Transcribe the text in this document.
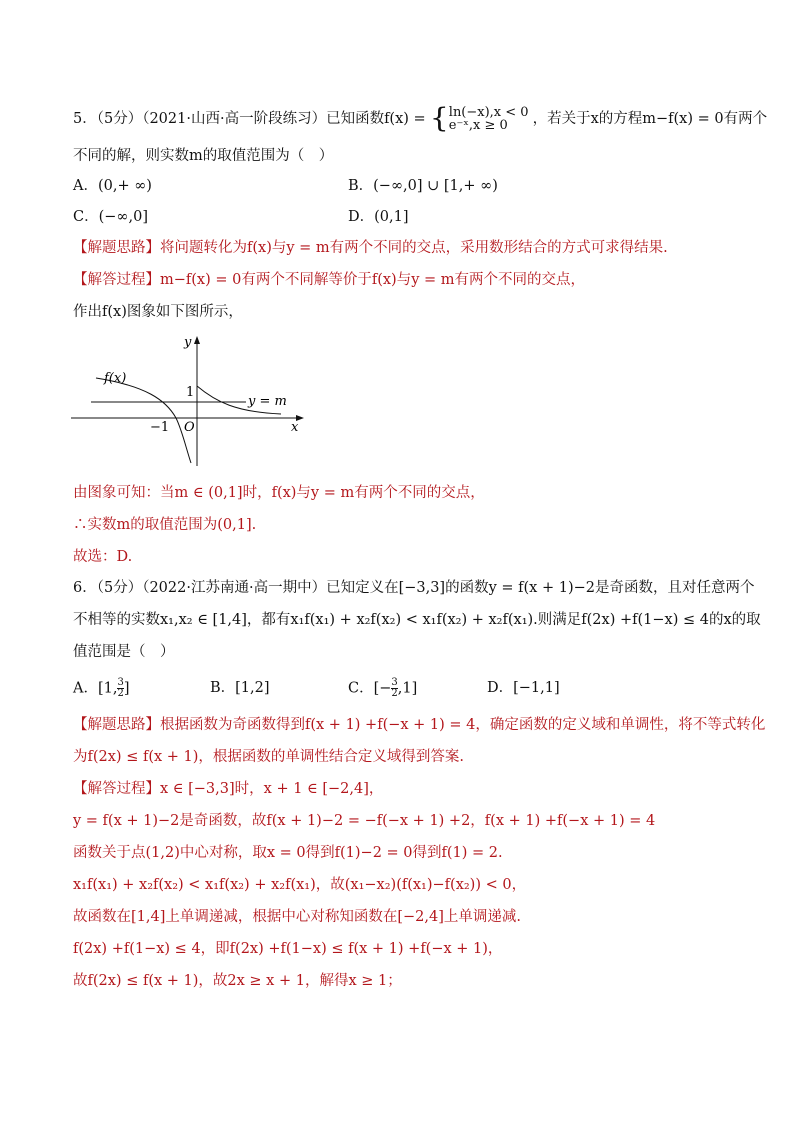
5．（5分）（2021·山西·高一阶段练习）已知函数f(x) = { ln(−x),x < 0
e⁻ˣ,x ≥ 0	，若关于x的方程m−f(x) = 0有两个
不同的解，则实数m的取值范围为（　）
A．(0,+ ∞)	B．(−∞,0] ∪ [1,+ ∞)
C．(−∞,0]	D．(0,1]
【解题思路】将问题转化为f(x)与y = m有两个不同的交点，采用数形结合的方式可求得结果.
【解答过程】m−f(x) = 0有两个不同解等价于f(x)与y = m有两个不同的交点，
作出f(x)图象如下图所示，
f(x)
y = m
y
x
O
−1
1
由图象可知：当m ∈ (0,1]时，f(x)与y = m有两个不同的交点，
∴实数m的取值范围为(0,1].
故选：D.
6．（5分）（2022·江苏南通·高一期中）已知定义在[−3,3]的函数y = f(x + 1)−2是奇函数，且对任意两个
不相等的实数x₁,x₂ ∈ [1,4]，都有x₁f(x₁) + x₂f(x₂) < x₁f(x₂) + x₂f(x₁).则满足f(2x) +f(1−x) ≤ 4的x的取
值范围是（　）
A．[1, $\frac{3}{2}$ ]	B．[1,2]	C．[− $\frac{3}{2} ,1$]	D．[−1,1]
【解题思路】根据函数为奇函数得到f(x + 1) +f(−x + 1) = 4，确定函数的定义域和单调性，将不等式转化
为f(2x) ≤ f(x + 1)，根据函数的单调性结合定义域得到答案.
【解答过程】x ∈ [−3,3]时，x + 1 ∈ [−2,4]，
y = f(x + 1)−2是奇函数，故f(x + 1)−2 = −f(−x + 1) +2，f(x + 1) +f(−x + 1) = 4
函数关于点(1,2)中心对称，取x = 0得到f(1)−2 = 0得到f(1) = 2.
x₁f(x₁) + x₂f(x₂) < x₁f(x₂) + x₂f(x₁)，故(x₁−x₂)(f(x₁)−f(x₂)) < 0，
故函数在[1,4]上单调递减，根据中心对称知函数在[−2,4]上单调递减.
f(2x) +f(1−x) ≤ 4，即f(2x) +f(1−x) ≤ f(x + 1) +f(−x + 1)，
故f(2x) ≤ f(x + 1)，故2x ≥ x + 1，解得x ≥ 1；
